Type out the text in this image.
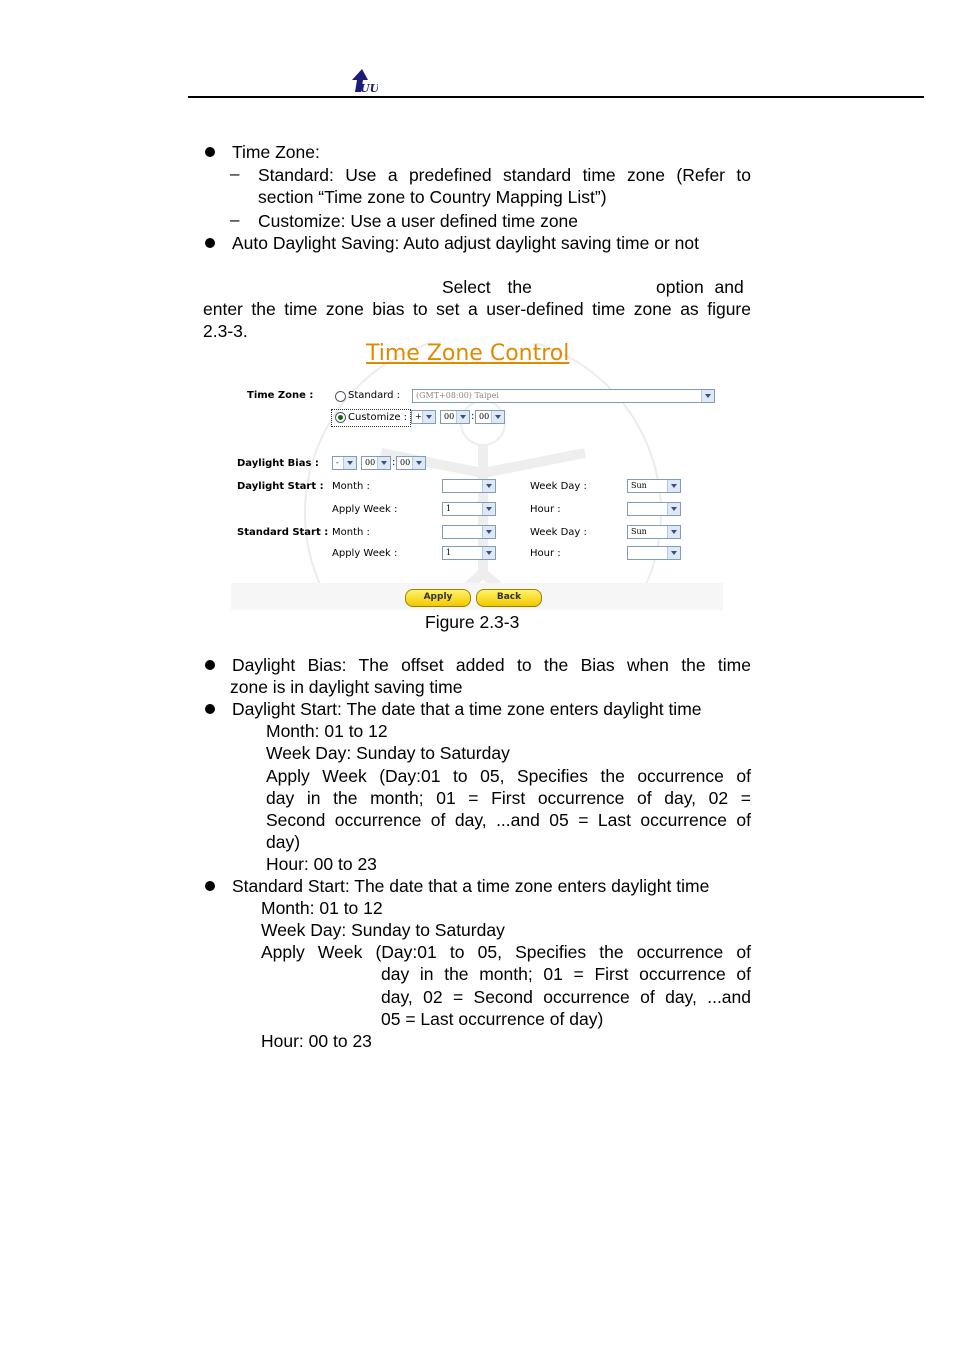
UU
Time Zone:
– Standard: Use a predefined standard time zone (Refer to
section “Time zone to Country Mapping List”)
– Customize: Use a user defined time zone
Auto Daylight Saving: Auto adjust daylight saving time or not
Select the	option and
enter the time zone bias to set a user-defined time zone as figure
2.3-3.
Time Zone Control
Time Zone :	Standard : (GMT+08:00) Taipei
Customize : +	00 : 00
Daylight Bias : -	00 : 00
Daylight Start : Month :	Week Day :	Sun
Apply Week :	1	Hour :
Standard Start : Month :	Week Day :	Sun
Apply Week :	1	Hour :
Apply	Back
Figure 2.3-3
Daylight Bias: The offset added to the Bias when the time
zone is in daylight saving time
Daylight Start: The date that a time zone enters daylight time
Month: 01 to 12
Week Day: Sunday to Saturday
Apply Week (Day:01 to 05, Specifies the occurrence of
day in the month; 01 = First occurrence of day, 02 =
Second occurrence of day, ...and 05 = Last occurrence of
day)
Hour: 00 to 23
Standard Start: The date that a time zone enters daylight time
Month: 01 to 12
Week Day: Sunday to Saturday
Apply Week (Day:01 to 05, Specifies the occurrence of
day in the month; 01 = First occurrence of
day, 02 = Second occurrence of day, ...and
05 = Last occurrence of day)
Hour: 00 to 23
